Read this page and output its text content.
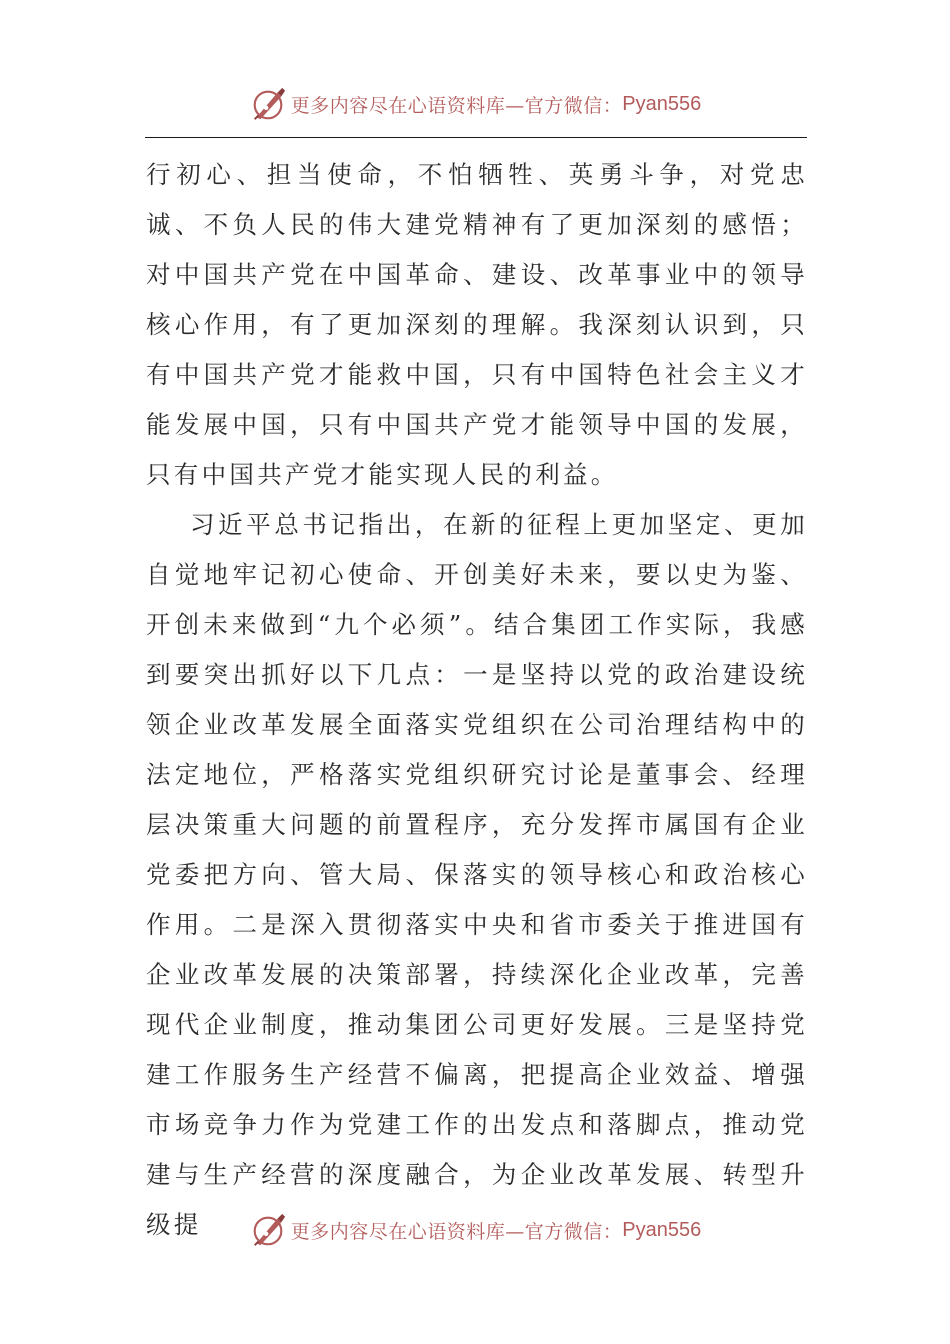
更多内容尽在心语资料库—官方微信： Pyan556

行初心、担当使命，不怕牺牲、英勇斗争，对党忠诚、不负人民的伟大建党精神有了更加深刻的感悟；对中国共产党在中国革命、建设、改革事业中的领导核心作用，有了更加深刻的理解。我深刻认识到，只有中国共产党才能救中国，只有中国特色社会主义才能发展中国，只有中国共产党才能领导中国的发展，只有中国共产党才能实现人民的利益。

习近平总书记指出，在新的征程上更加坚定、更加自觉地牢记初心使命、开创美好未来，要以史为鉴、开创未来做到“九个必须”。结合集团工作实际，我感到要突出抓好以下几点：一是坚持以党的政治建设统领企业改革发展全面落实党组织在公司治理结构中的法定地位，严格落实党组织研究讨论是董事会、经理层决策重大问题的前置程序，充分发挥市属国有企业党委把方向、管大局、保落实的领导核心和政治核心作用。二是深入贯彻落实中央和省市委关于推进国有企业改革发展的决策部署，持续深化企业改革，完善现代企业制度，推动集团公司更好发展。三是坚持党建工作服务生产经营不偏离，把提高企业效益、增强市场竞争力作为党建工作的出发点和落脚点，推动党建与生产经营的深度融合，为企业改革发展、转型升级提	更多内容尽在心语资料库—官方微信： Pyan556
